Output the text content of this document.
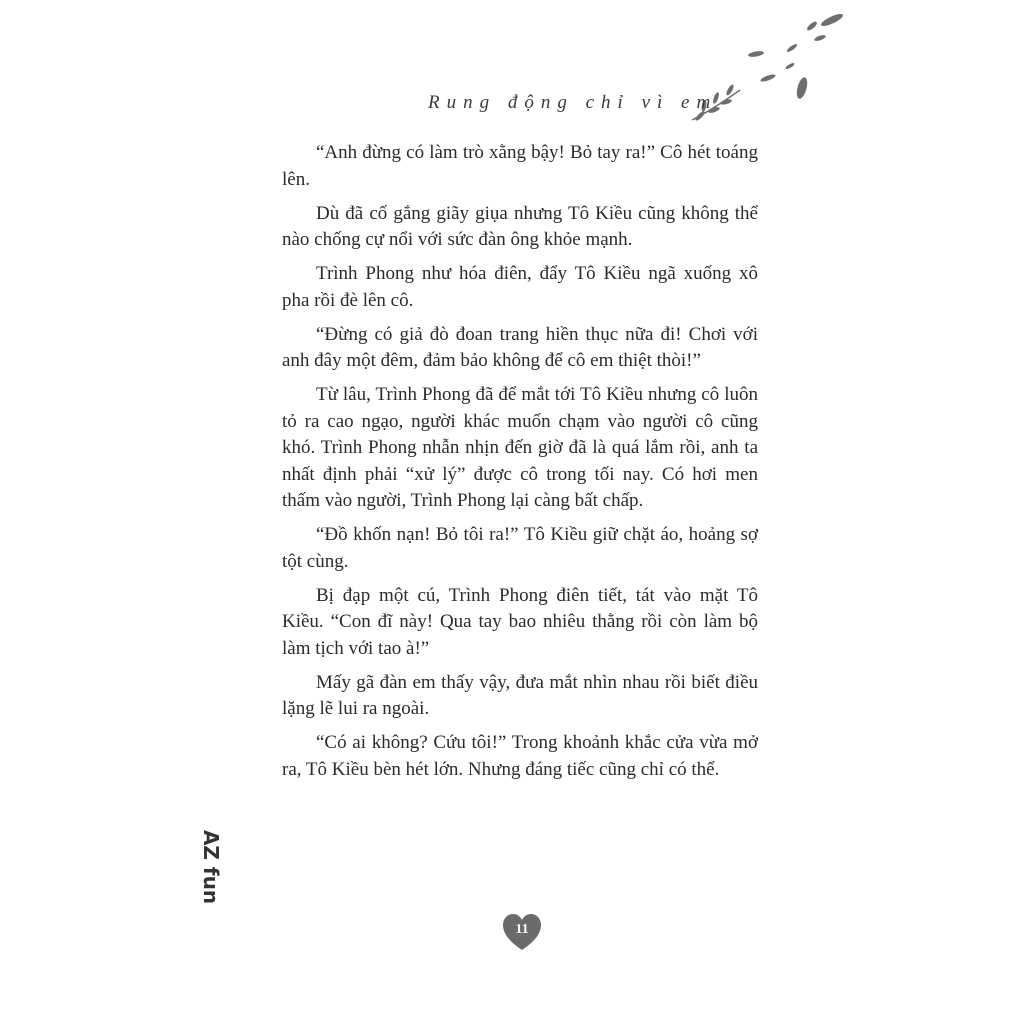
Rung động chỉ vì em

“Anh đừng có làm trò xằng bậy! Bỏ tay ra!” Cô hét toáng lên.

Dù đã cố gắng giãy giụa nhưng Tô Kiều cũng không thể nào chống cự nổi với sức đàn ông khỏe mạnh.

Trình Phong như hóa điên, đẩy Tô Kiều ngã xuống xô pha rồi đè lên cô.

“Đừng có giả đò đoan trang hiền thục nữa đi! Chơi với anh đây một đêm, đảm bảo không để cô em thiệt thòi!”

Từ lâu, Trình Phong đã để mắt tới Tô Kiều nhưng cô luôn tỏ ra cao ngạo, người khác muốn chạm vào người cô cũng khó. Trình Phong nhẫn nhịn đến giờ đã là quá lắm rồi, anh ta nhất định phải “xử lý” được cô trong tối nay. Có hơi men thấm vào người, Trình Phong lại càng bất chấp.

“Đồ khốn nạn! Bỏ tôi ra!” Tô Kiều giữ chặt áo, hoảng sợ tột cùng.

Bị đạp một cú, Trình Phong điên tiết, tát vào mặt Tô Kiều. “Con đĩ này! Qua tay bao nhiêu thằng rồi còn làm bộ làm tịch với tao à!”

Mấy gã đàn em thấy vậy, đưa mắt nhìn nhau rồi biết điều lặng lẽ lui ra ngoài.

“Có ai không? Cứu tôi!” Trong khoảnh khắc cửa vừa mở ra, Tô Kiều bèn hét lớn. Nhưng đáng tiếc cũng chỉ có thể.

AZ fun
11
